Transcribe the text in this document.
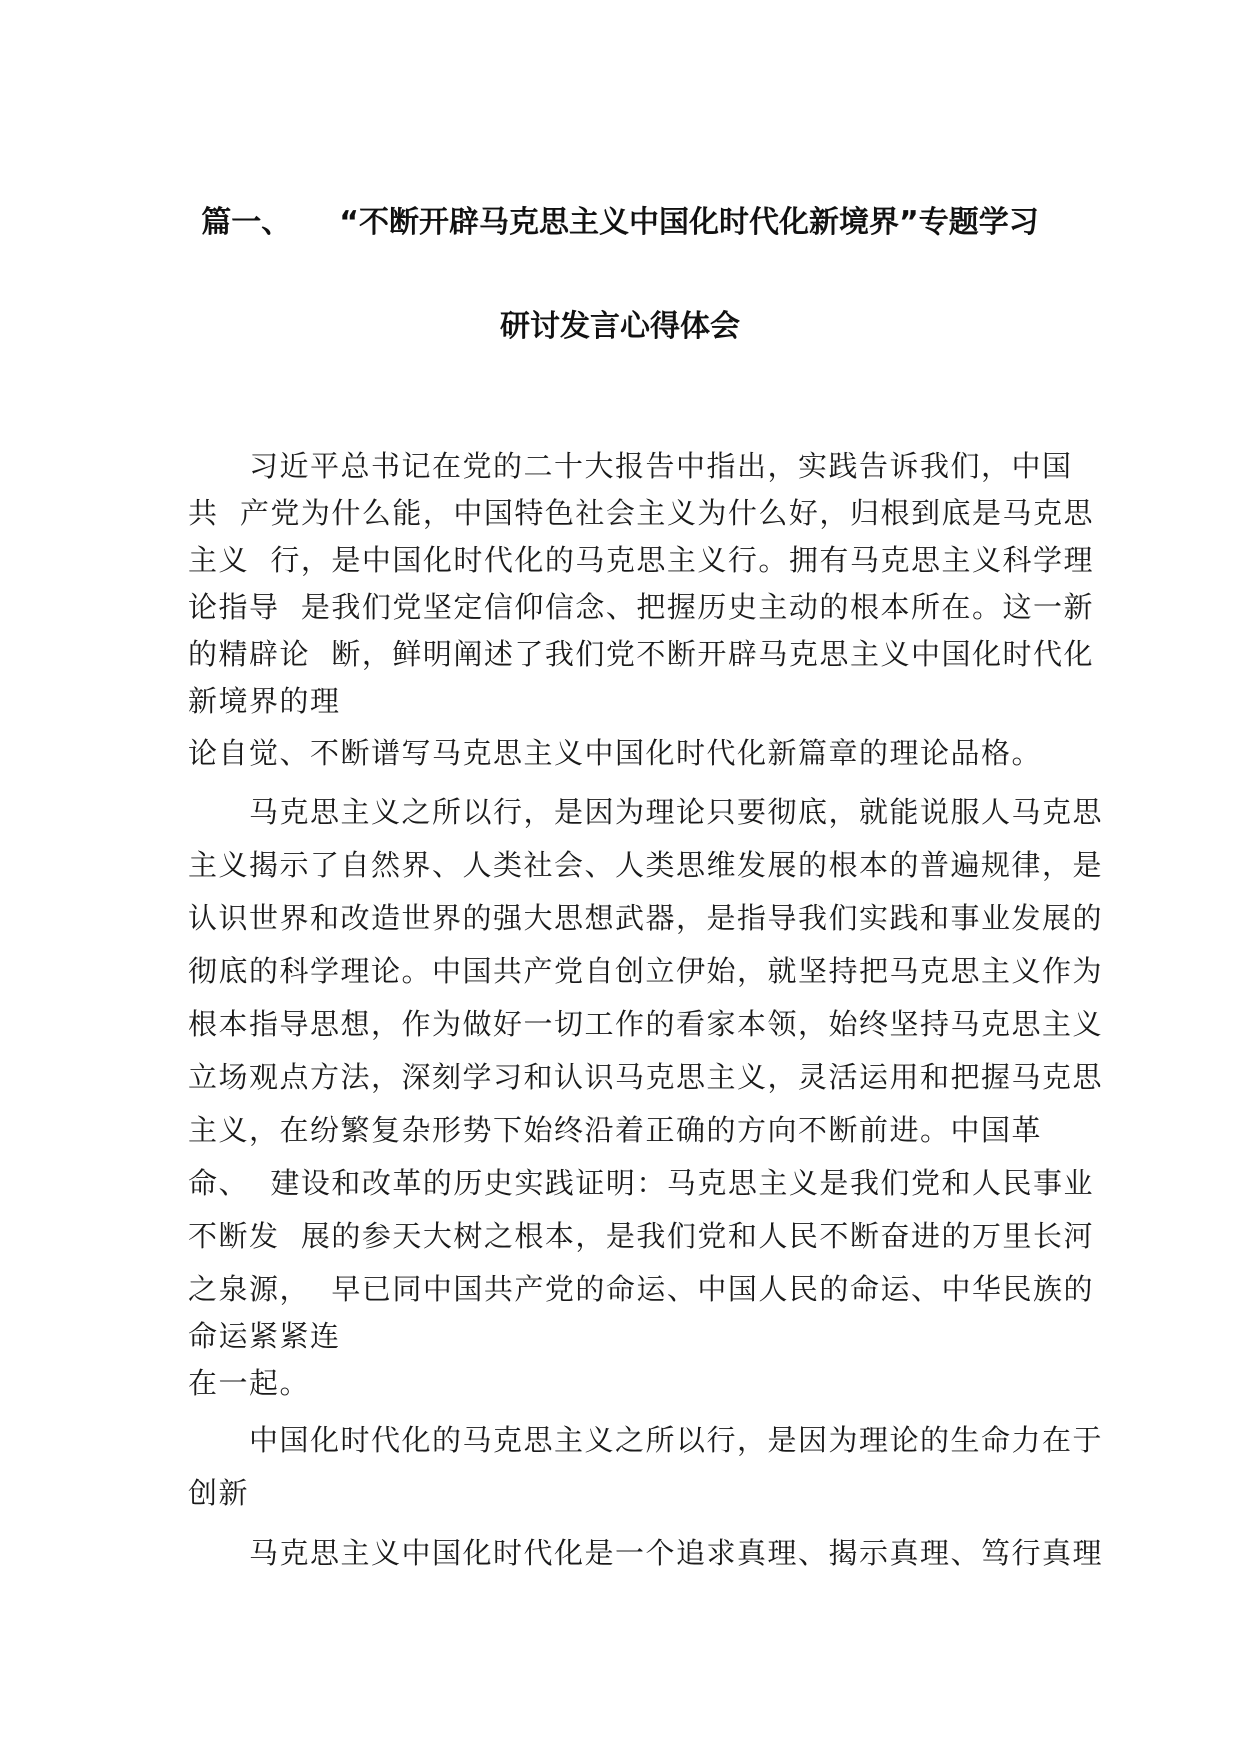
篇一、 “不断开辟马克思主义中国化时代化新境界”专题学习
研讨发言心得体会
　　习近平总书记在党的二十大报告中指出，实践告诉我们，中国
共  产党为什么能，中国特色社会主义为什么好，归根到底是马克思
主义  行，是中国化时代化的马克思主义行。拥有马克思主义科学理
论指导  是我们党坚定信仰信念、把握历史主动的根本所在。这一新
的精辟论  断，鲜明阐述了我们党不断开辟马克思主义中国化时代化
新境界的理
论自觉、不断谱写马克思主义中国化时代化新篇章的理论品格。
　　马克思主义之所以行，是因为理论只要彻底，就能说服人马克思
主义揭示了自然界、人类社会、人类思维发展的根本的普遍规律，是
认识世界和改造世界的强大思想武器，是指导我们实践和事业发展的
彻底的科学理论。中国共产党自创立伊始，就坚持把马克思主义作为
根本指导思想，作为做好一切工作的看家本领，始终坚持马克思主义
立场观点方法，深刻学习和认识马克思主义，灵活运用和把握马克思
主义，在纷繁复杂形势下始终沿着正确的方向不断前进。中国革
命、  建设和改革的历史实践证明：马克思主义是我们党和人民事业
不断发  展的参天大树之根本，是我们党和人民不断奋进的万里长河
之泉源，  早已同中国共产党的命运、中国人民的命运、中华民族的
命运紧紧连
在一起。
　　中国化时代化的马克思主义之所以行，是因为理论的生命力在于
创新
　　马克思主义中国化时代化是一个追求真理、揭示真理、笃行真理
